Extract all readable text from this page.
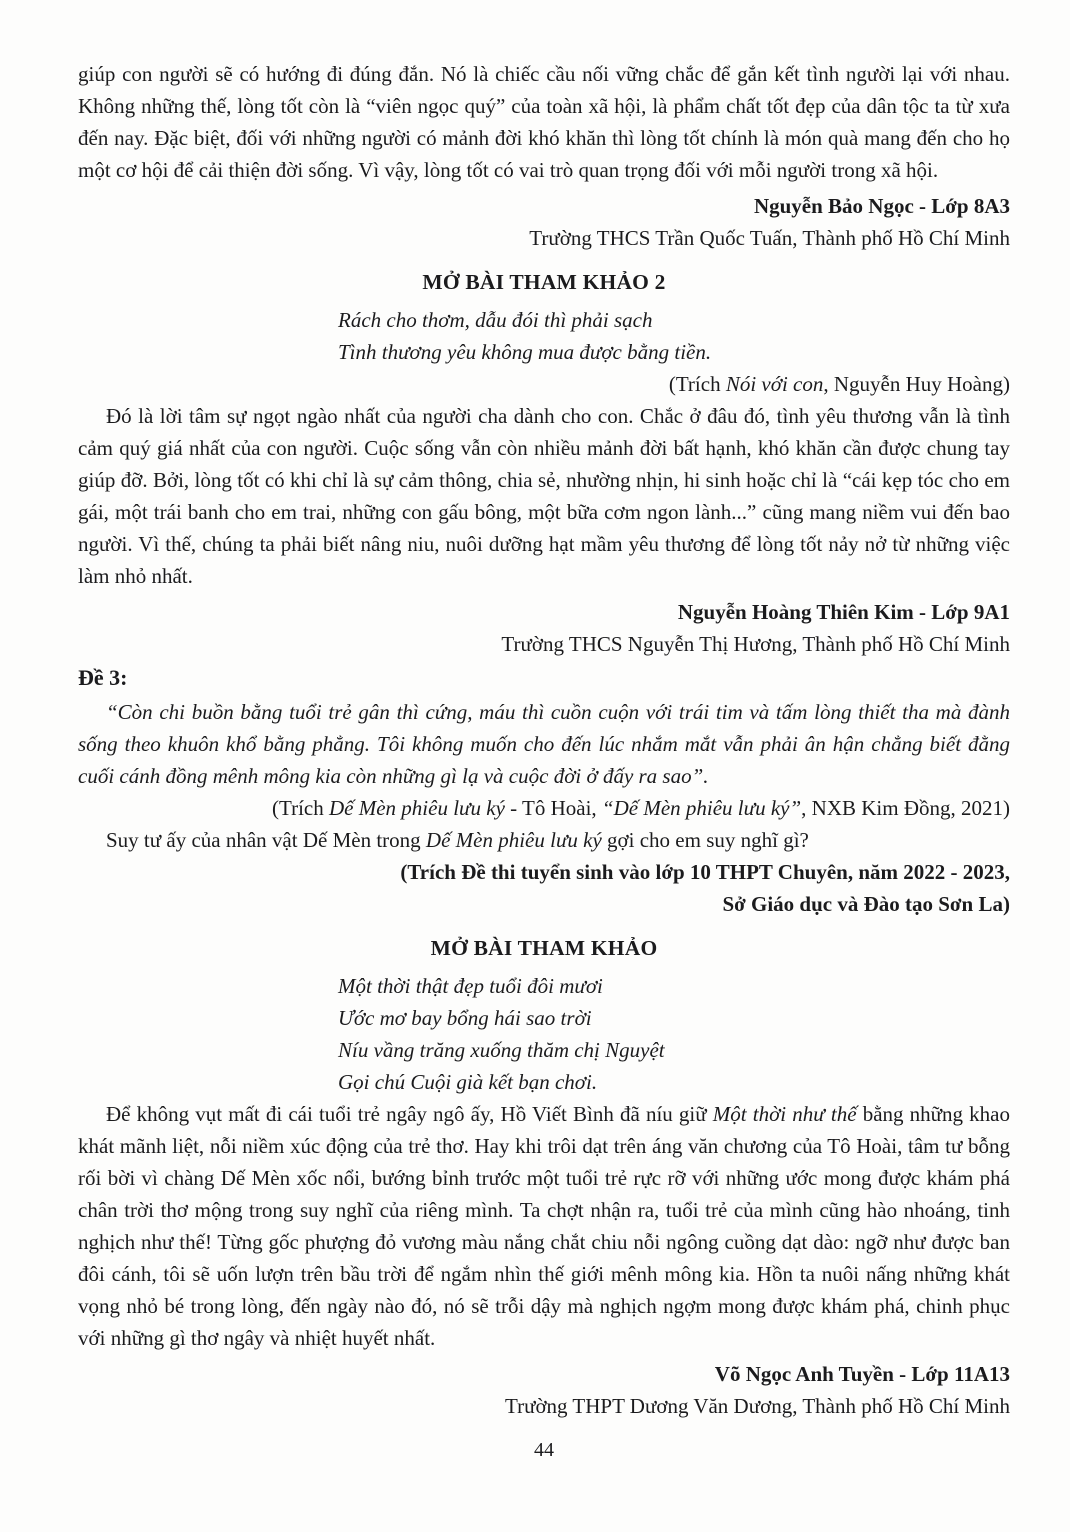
giúp con người sẽ có hướng đi đúng đắn. Nó là chiếc cầu nối vững chắc để gắn kết tình người lại với nhau. Không những thế, lòng tốt còn là “viên ngọc quý” của toàn xã hội, là phẩm chất tốt đẹp của dân tộc ta từ xưa đến nay. Đặc biệt, đối với những người có mảnh đời khó khăn thì lòng tốt chính là món quà mang đến cho họ một cơ hội để cải thiện đời sống. Vì vậy, lòng tốt có vai trò quan trọng đối với mỗi người trong xã hội.

Nguyễn Bảo Ngọc - Lớp 8A3

Trường THCS Trần Quốc Tuấn, Thành phố Hồ Chí Minh

MỞ BÀI THAM KHẢO 2

Rách cho thơm, dẫu đói thì phải sạch

Tình thương yêu không mua được bằng tiền.

(Trích Nói với con, Nguyễn Huy Hoàng)

Đó là lời tâm sự ngọt ngào nhất của người cha dành cho con. Chắc ở đâu đó, tình yêu thương vẫn là tình cảm quý giá nhất của con người. Cuộc sống vẫn còn nhiều mảnh đời bất hạnh, khó khăn cần được chung tay giúp đỡ. Bởi, lòng tốt có khi chỉ là sự cảm thông, chia sẻ, nhường nhịn, hi sinh hoặc chỉ là “cái kẹp tóc cho em gái, một trái banh cho em trai, những con gấu bông, một bữa cơm ngon lành...” cũng mang niềm vui đến bao người. Vì thế, chúng ta phải biết nâng niu, nuôi dưỡng hạt mầm yêu thương để lòng tốt nảy nở từ những việc làm nhỏ nhất.

Nguyễn Hoàng Thiên Kim - Lớp 9A1

Trường THCS Nguyễn Thị Hương, Thành phố Hồ Chí Minh

Đề 3:

“Còn chi buồn bằng tuổi trẻ gân thì cứng, máu thì cuồn cuộn với trái tim và tấm lòng thiết tha mà đành sống theo khuôn khổ bằng phẳng. Tôi không muốn cho đến lúc nhắm mắt vẫn phải ân hận chẳng biết đằng cuối cánh đồng mênh mông kia còn những gì lạ và cuộc đời ở đấy ra sao”.

(Trích Dế Mèn phiêu lưu ký - Tô Hoài, “Dế Mèn phiêu lưu ký”, NXB Kim Đồng, 2021)

Suy tư ấy của nhân vật Dế Mèn trong Dế Mèn phiêu lưu ký gợi cho em suy nghĩ gì?

(Trích Đề thi tuyển sinh vào lớp 10 THPT Chuyên, năm 2022 - 2023,

Sở Giáo dục và Đào tạo Sơn La)

MỞ BÀI THAM KHẢO

Một thời thật đẹp tuổi đôi mươi

Ước mơ bay bổng hái sao trời

Níu vầng trăng xuống thăm chị Nguyệt

Gọi chú Cuội già kết bạn chơi.

Để không vụt mất đi cái tuổi trẻ ngây ngô ấy, Hồ Viết Bình đã níu giữ Một thời như thế bằng những khao khát mãnh liệt, nỗi niềm xúc động của trẻ thơ. Hay khi trôi dạt trên áng văn chương của Tô Hoài, tâm tư bỗng rối bời vì chàng Dế Mèn xốc nổi, bướng bỉnh trước một tuổi trẻ rực rỡ với những ước mong được khám phá chân trời thơ mộng trong suy nghĩ của riêng mình. Ta chợt nhận ra, tuổi trẻ của mình cũng hào nhoáng, tinh nghịch như thế! Từng gốc phượng đỏ vương màu nắng chắt chiu nỗi ngông cuồng dạt dào: ngỡ như được ban đôi cánh, tôi sẽ uốn lượn trên bầu trời để ngắm nhìn thế giới mênh mông kia. Hồn ta nuôi nấng những khát vọng nhỏ bé trong lòng, đến ngày nào đó, nó sẽ trỗi dậy mà nghịch ngợm mong được khám phá, chinh phục với những gì thơ ngây và nhiệt huyết nhất.

Võ Ngọc Anh Tuyền - Lớp 11A13

Trường THPT Dương Văn Dương, Thành phố Hồ Chí Minh

44
